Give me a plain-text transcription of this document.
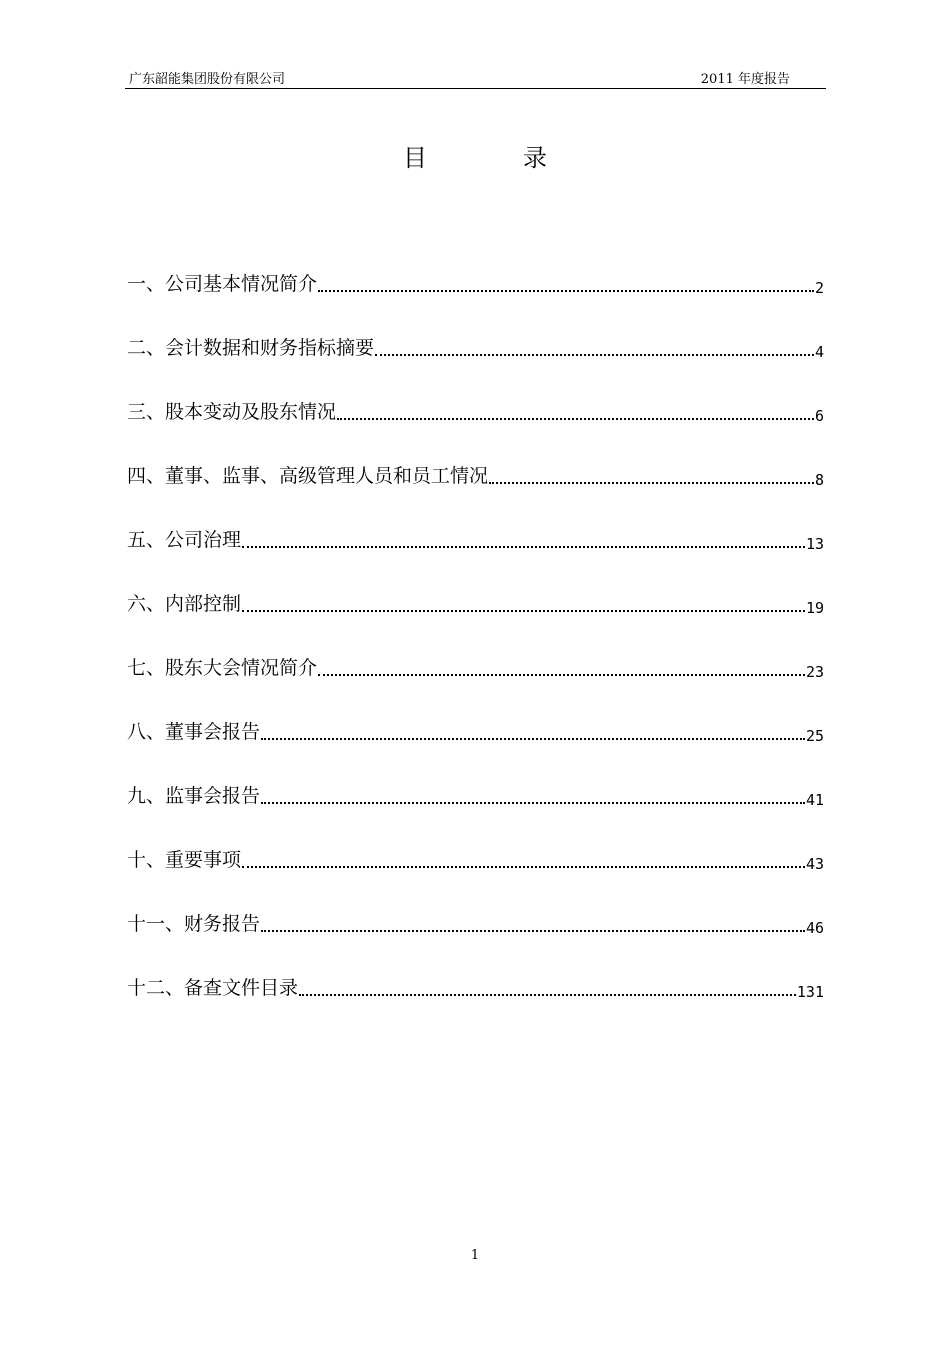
广东韶能集团股份有限公司	2011 年度报告
目	录
一、公司基本情况简介	2
二、会计数据和财务指标摘要	4
三、股本变动及股东情况	6
四、董事、监事、高级管理人员和员工情况	8
五、公司治理	13
六、内部控制	19
七、股东大会情况简介	23
八、董事会报告	25
九、监事会报告	41
十、重要事项	43
十一、财务报告	46
十二、备查文件目录	131
1
